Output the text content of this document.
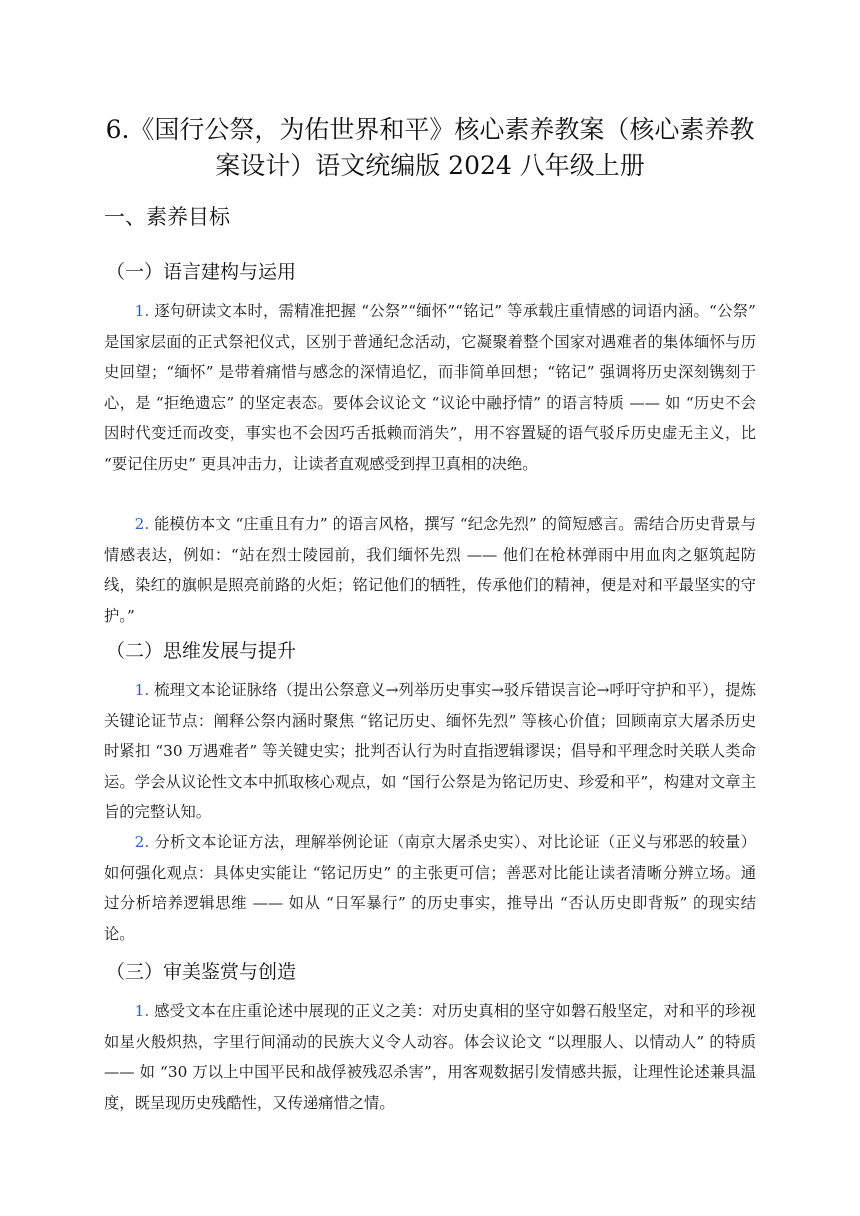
6.《国行公祭，为佑世界和平》核心素养教案（核心素养教案设计）语文统编版 2024 八年级上册
一、素养目标
（一）语言建构与运用

1. 逐句研读文本时，需精准把握 “公祭”“缅怀”“铭记” 等承载庄重情感的词语内涵。“公祭” 是国家层面的正式祭祀仪式，区别于普通纪念活动，它凝聚着整个国家对遇难者的集体缅怀与历史回望；“缅怀” 是带着痛惜与感念的深情追忆，而非简单回想；“铭记” 强调将历史深刻镌刻于心，是 “拒绝遗忘” 的坚定表态。要体会议论文 “议论中融抒情” 的语言特质 —— 如 “历史不会因时代变迁而改变，事实也不会因巧舌抵赖而消失”，用不容置疑的语气驳斥历史虚无主义，比 “要记住历史” 更具冲击力，让读者直观感受到捍卫真相的决绝。

2. 能模仿本文 “庄重且有力” 的语言风格，撰写 “纪念先烈” 的简短感言。需结合历史背景与情感表达，例如：“站在烈士陵园前，我们缅怀先烈 —— 他们在枪林弹雨中用血肉之躯筑起防线，染红的旗帜是照亮前路的火炬；铭记他们的牺牲，传承他们的精神，便是对和平最坚实的守护。”

（二）思维发展与提升

1. 梳理文本论证脉络（提出公祭意义→列举历史事实→驳斥错误言论→呼吁守护和平），提炼关键论证节点：阐释公祭内涵时聚焦 “铭记历史、缅怀先烈” 等核心价值；回顾南京大屠杀历史时紧扣 “30 万遇难者” 等关键史实；批判否认行为时直指逻辑谬误；倡导和平理念时关联人类命运。学会从议论性文本中抓取核心观点，如 “国行公祭是为铭记历史、珍爱和平”，构建对文章主旨的完整认知。

2. 分析文本论证方法，理解举例论证（南京大屠杀史实）、对比论证（正义与邪恶的较量）如何强化观点：具体史实能让 “铭记历史” 的主张更可信；善恶对比能让读者清晰分辨立场。通过分析培养逻辑思维 —— 如从 “日军暴行” 的历史事实，推导出 “否认历史即背叛” 的现实结论。

（三）审美鉴赏与创造

1. 感受文本在庄重论述中展现的正义之美：对历史真相的坚守如磐石般坚定，对和平的珍视如星火般炽热，字里行间涌动的民族大义令人动容。体会议论文 “以理服人、以情动人” 的特质 —— 如 “30 万以上中国平民和战俘被残忍杀害”，用客观数据引发情感共振，让理性论述兼具温度，既呈现历史残酷性，又传递痛惜之情。
